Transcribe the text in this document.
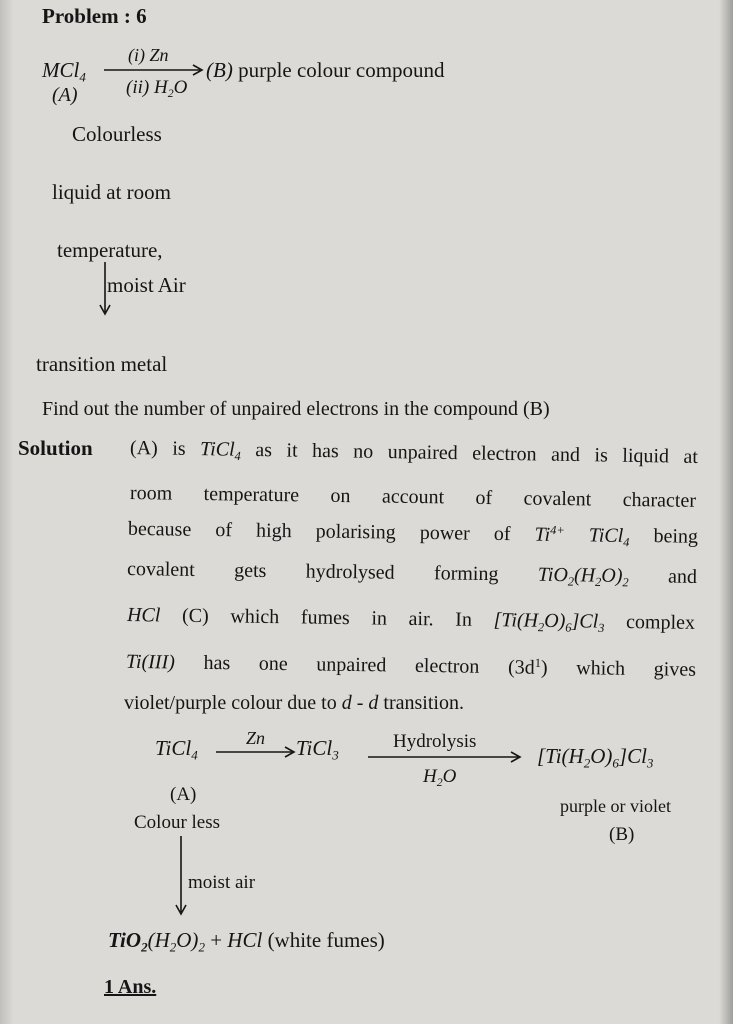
Problem : 6
MCl$_4$
(A)
(i) Zn
(ii) $H_2O$
(B) purple colour compound
Colourless
liquid at room
temperature,
moist Air
transition metal
Find out the number of unpaired electrons in the compound (B)
Solution (A) is TiCl$_4$ as it has no unpaired electron and is liquid at
room temperature on account of covalent character
because of high polarising power of $Ti^{4+}$ TiCl$_4$ being
covalent gets hydrolysed forming $TiO_2(H_2O)_2$ and
HCl (C) which fumes in air. In $[Ti(H_2O)_6]Cl_3$ complex
Ti(III) has one unpaired electron $(3d^1)$ which gives
violet/purple colour due to d - d transition.
TiCl$_4$
Zn TiCl$_3$
Hydrolysis
$H_2O$
$[Ti(H_2O)_6]Cl_3$
(A)
Colour less
purple or violet
(B)
moist air
$TiO_2(H_2O)_2$ + HCl (white fumes)
1 Ans.
